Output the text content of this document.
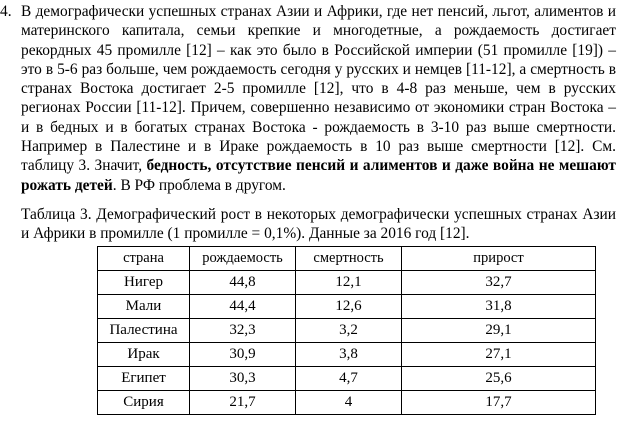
4. В демографически успешных странах Азии и Африки, где нет пенсий, льгот, алиментов и материнского капитала, семьи крепкие и многодетные, а рождаемость достигает рекордных 45 промилле [12] – как это было в Российской империи (51 промилле [19]) – это в 5-6 раз больше, чем рождаемость сегодня у русских и немцев [11-12], а смертность в странах Востока достигает 2-5 промилле [12], что в 4-8 раз меньше, чем в русских регионах России [11-12]. Причем, совершенно независимо от экономики стран Востока – и в бедных и в богатых странах Востока - рождаемость в 3-10 раз выше смертности. Например в Палестине и в Ираке рождаемость в 10 раз выше смертности [12]. См. таблицу 3. Значит, бедность, отсутствие пенсий и алиментов и даже война не мешают рожать детей. В РФ проблема в другом.
Таблица 3. Демографический рост в некоторых демографически успешных странах Азии и Африки в промилле (1 промилле = 0,1%). Данные за 2016 год [12].
страна	рождаемость	смертность	прирост
Нигер	44,8	12,1	32,7
Мали	44,4	12,6	31,8
Палестина	32,3	3,2	29,1
Ирак	30,9	3,8	27,1
Египет	30,3	4,7	25,6
Сирия	21,7	4	17,7
